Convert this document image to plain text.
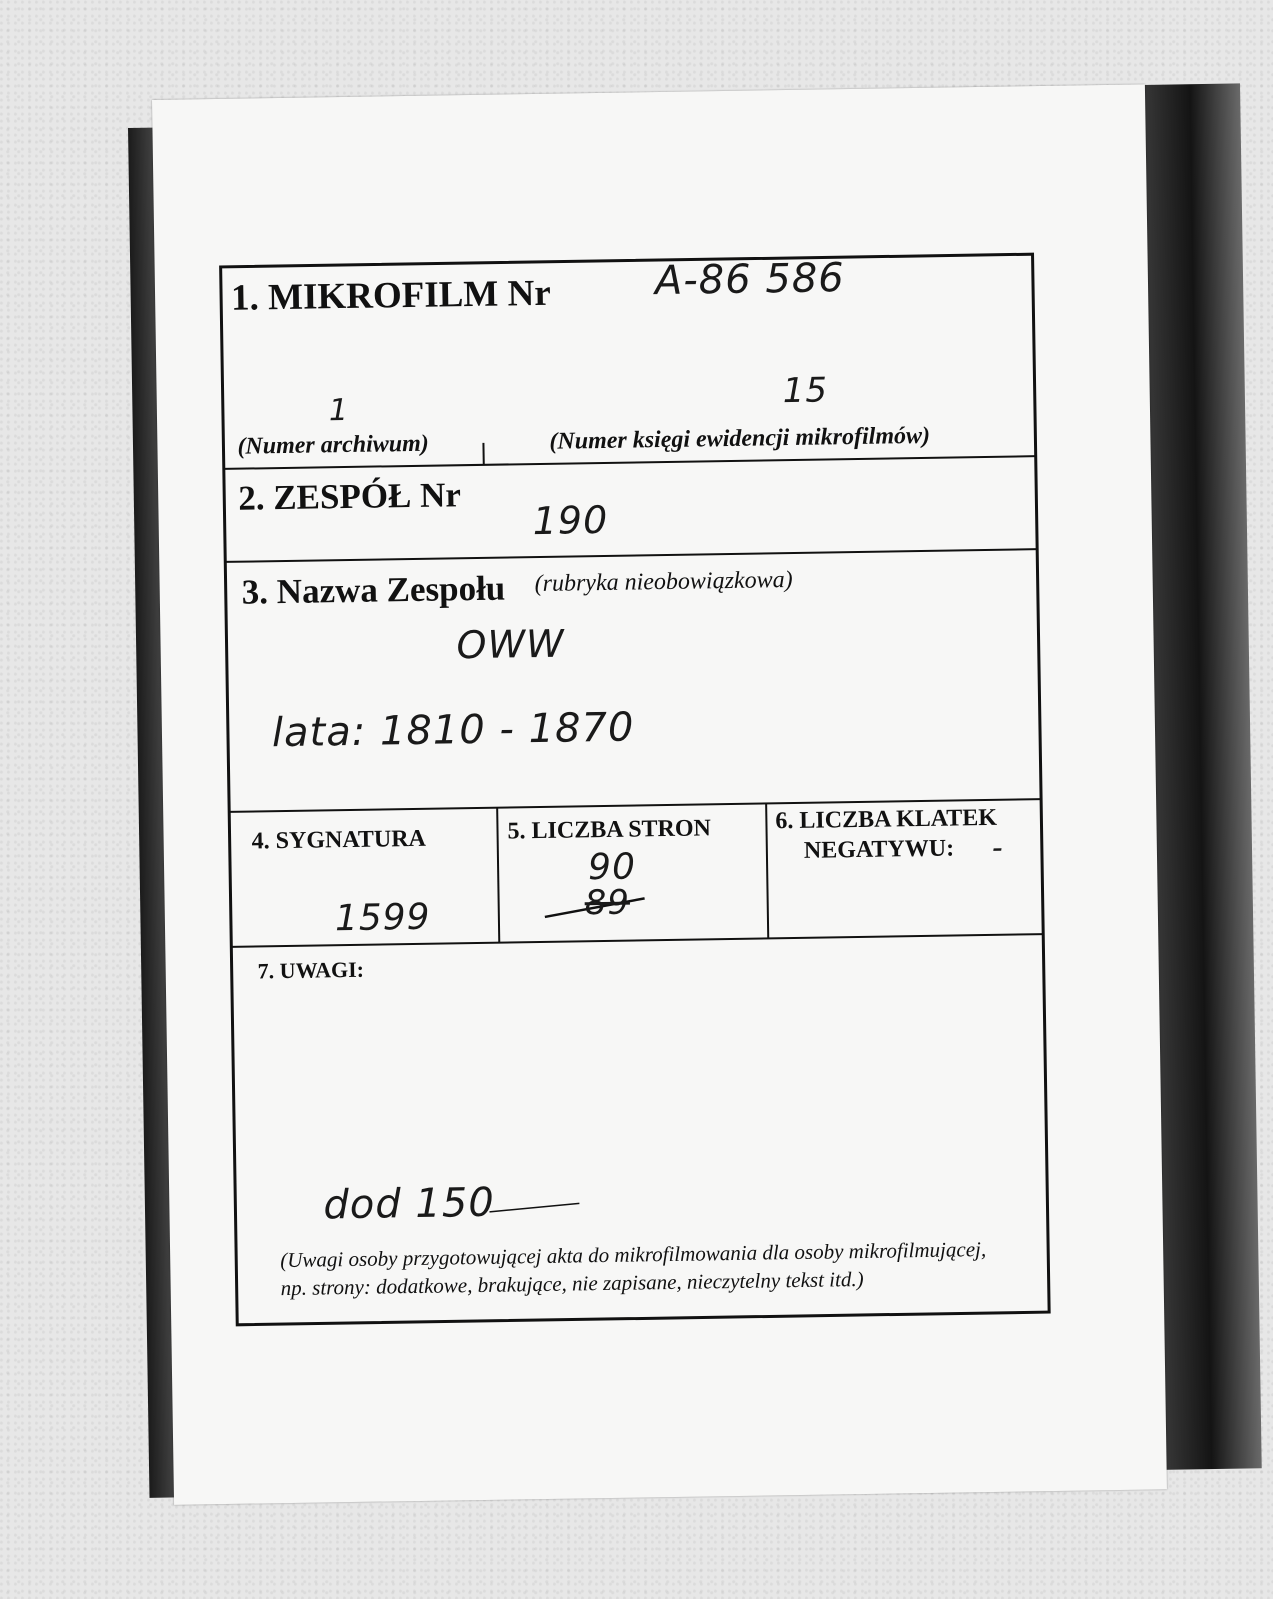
1. MIKROFILM Nr	A-86 586
1	15
(Numer archiwum)	(Numer księgi ewidencji mikrofilmów)
2. ZESPÓŁ Nr
190
3. Nazwa Zespołu (rubryka nieobowiązkowa)
OWW
lata: 1810 - 1870
4. SYGNATURA
1599
5. LICZBA STRON
90
89
6. LICZBA KLATEK
NEGATYWU: -
7. UWAGI:
dod 150
(Uwagi osoby przygotowującej akta do mikrofilmowania dla osoby mikrofilmującej,
np. strony: dodatkowe, brakujące, nie zapisane, nieczytelny tekst itd.)
